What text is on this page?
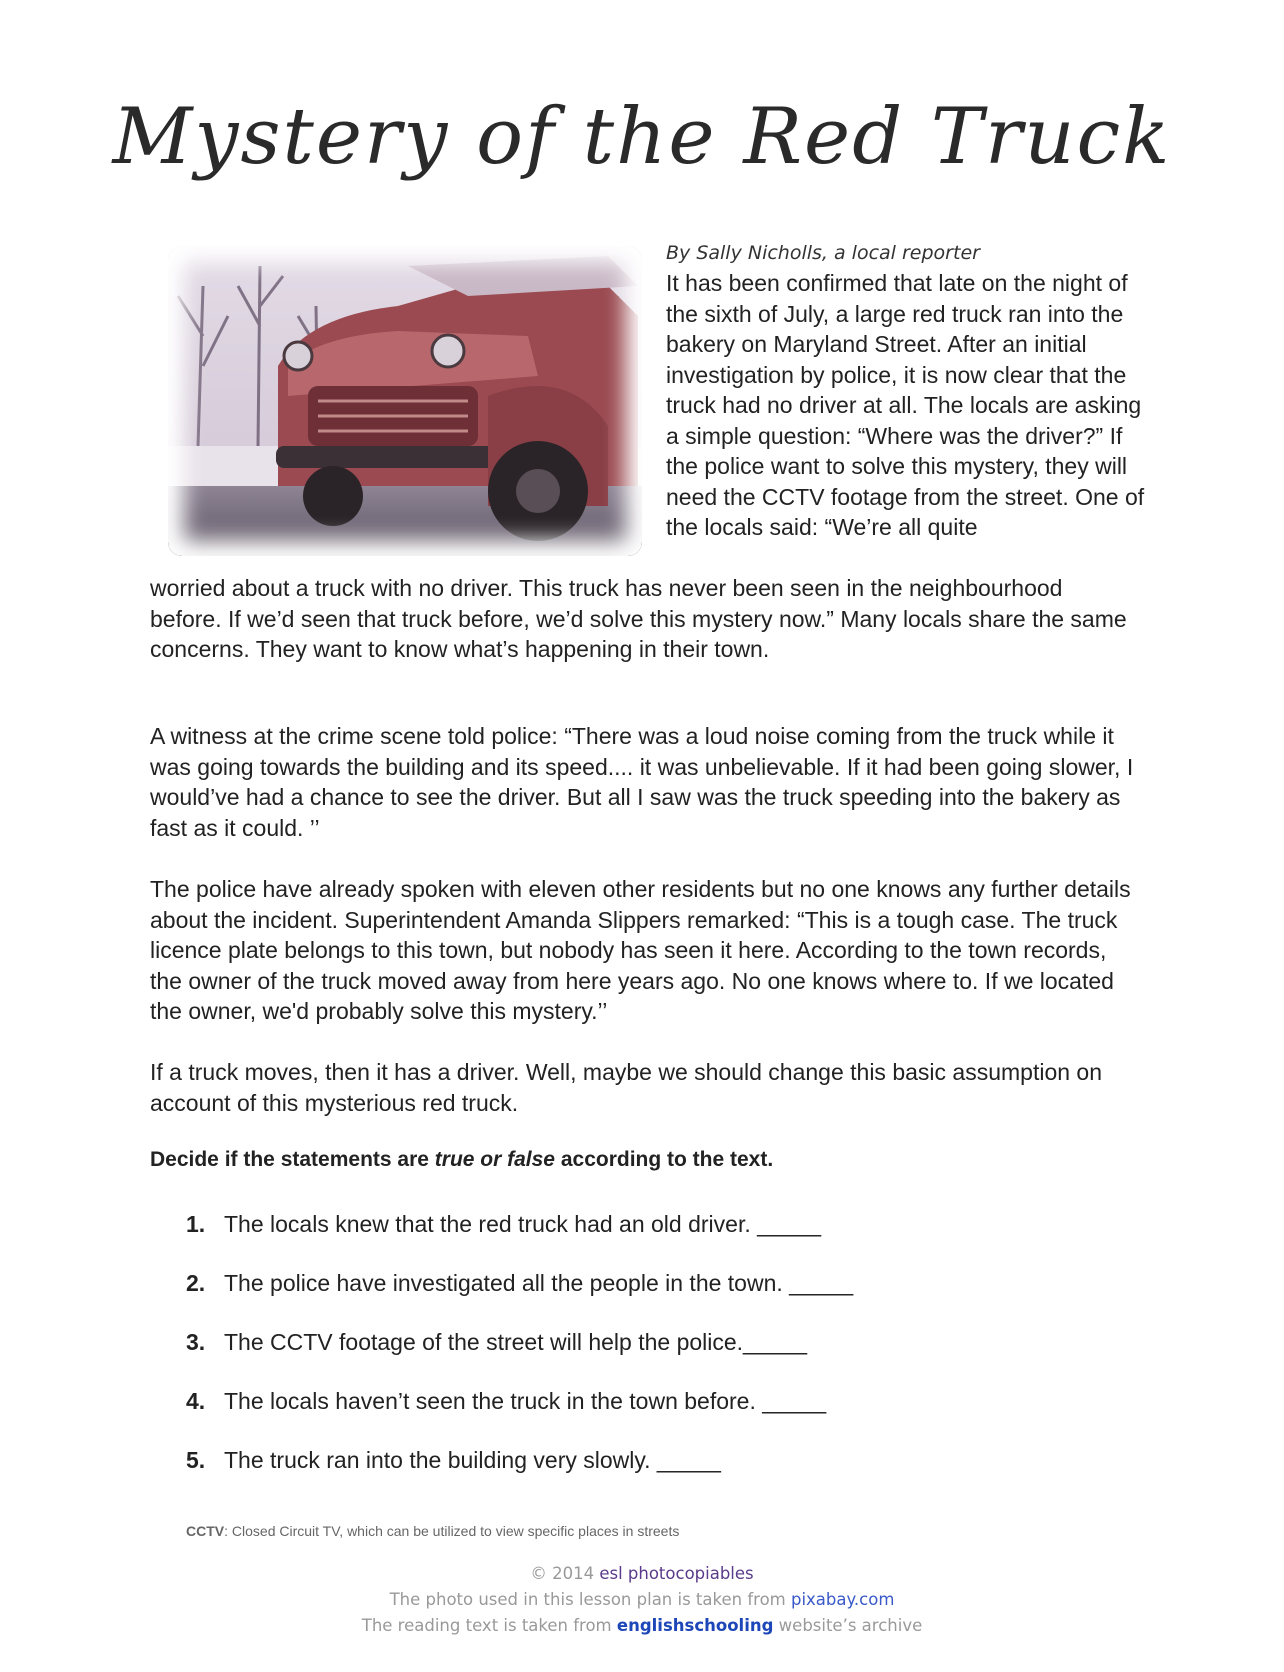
Mystery of the Red Truck
By Sally Nicholls, a local reporter
It has been confirmed that late on the night of the sixth of July, a large red truck ran into the bakery on Maryland Street. After an initial investigation by police, it is now clear that the truck had no driver at all. The locals are asking a simple question: “Where was the driver?” If the police want to solve this mystery, they will need the CCTV footage from the street. One of the locals said: “We’re all quite
worried about a truck with no driver. This truck has never been seen in the neighbourhood before. If we’d seen that truck before, we’d solve this mystery now.” Many locals share the same concerns. They want to know what’s happening in their town.
A witness at the crime scene told police: “There was a loud noise coming from the truck while it was going towards the building and its speed.... it was unbelievable. If it had been going slower, I would’ve had a chance to see the driver. But all I saw was the truck speeding into the bakery as fast as it could. ’’
The police have already spoken with eleven other residents but no one knows any further details about the incident. Superintendent Amanda Slippers remarked: “This is a tough case. The truck licence plate belongs to this town, but nobody has seen it here. According to the town records, the owner of the truck moved away from here years ago. No one knows where to. If we located the owner, we'd probably solve this mystery.’’
If a truck moves, then it has a driver. Well, maybe we should change this basic assumption on account of this mysterious red truck.
Decide if the statements are true or false according to the text.
1. The locals knew that the red truck had an old driver. _____
2. The police have investigated all the people in the town. _____
3. The CCTV footage of the street will help the police._____
4. The locals haven’t seen the truck in the town before. _____
5. The truck ran into the building very slowly. _____
CCTV: Closed Circuit TV, which can be utilized to view specific places in streets
© 2014 esl photocopiables
The photo used in this lesson plan is taken from pixabay.com
The reading text is taken from englishschooling website’s archive
